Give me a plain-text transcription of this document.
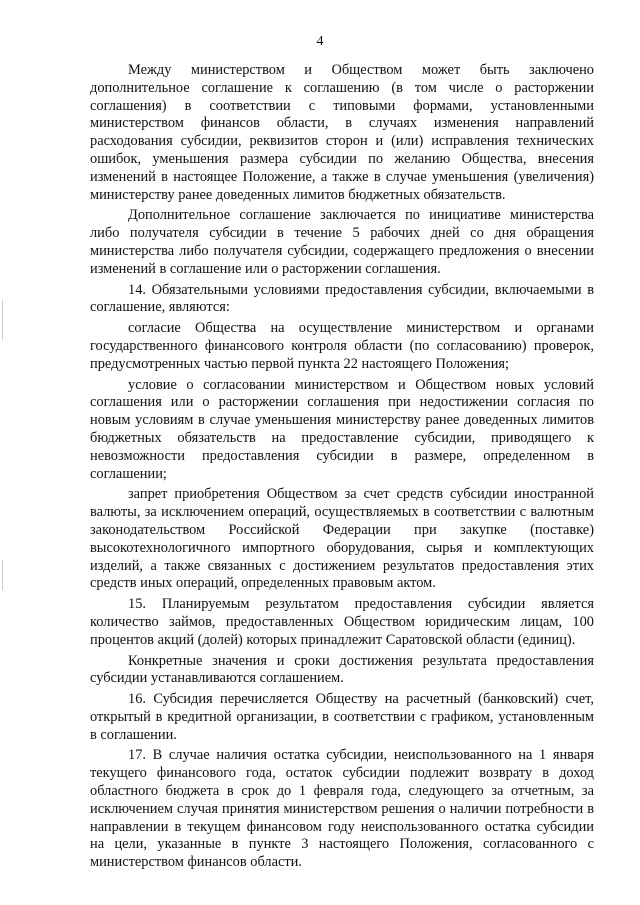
4

Между министерством и Обществом может быть заключено дополнительное соглашение к соглашению (в том числе о расторжении соглашения) в соответствии с типовыми формами, установленными министерством финансов области, в случаях изменения направлений расходования субсидии, реквизитов сторон и (или) исправления технических ошибок, уменьшения размера субсидии по желанию Общества, внесения изменений в настоящее Положение, а также в случае уменьшения (увеличения) министерству ранее доведенных лимитов бюджетных обязательств.

Дополнительное соглашение заключается по инициативе министерства либо получателя субсидии в течение 5 рабочих дней со дня обращения министерства либо получателя субсидии, содержащего предложения о внесении изменений в соглашение или о расторжении соглашения.

14. Обязательными условиями предоставления субсидии, включаемыми в соглашение, являются:

согласие Общества на осуществление министерством и органами государственного финансового контроля области (по согласованию) проверок, предусмотренных частью первой пункта 22 настоящего Положения;

условие о согласовании министерством и Обществом новых условий соглашения или о расторжении соглашения при недостижении согласия по новым условиям в случае уменьшения министерству ранее доведенных лимитов бюджетных обязательств на предоставление субсидии, приводящего к невозможности предоставления субсидии в размере, определенном в соглашении;

запрет приобретения Обществом за счет средств субсидии иностранной валюты, за исключением операций, осуществляемых в соответствии с валютным законодательством Российской Федерации при закупке (поставке) высокотехнологичного импортного оборудования, сырья и комплектующих изделий, а также связанных с достижением результатов предоставления этих средств иных операций, определенных правовым актом.

15. Планируемым результатом предоставления субсидии является количество займов, предоставленных Обществом юридическим лицам, 100 процентов акций (долей) которых принадлежит Саратовской области (единиц).

Конкретные значения и сроки достижения результата предоставления субсидии устанавливаются соглашением.

16. Субсидия перечисляется Обществу на расчетный (банковский) счет, открытый в кредитной организации, в соответствии с графиком, установленным в соглашении.

17. В случае наличия остатка субсидии, неиспользованного на 1 января текущего финансового года, остаток субсидии подлежит возврату в доход областного бюджета в срок до 1 февраля года, следующего за отчетным, за исключением случая принятия министерством решения о наличии потребности в направлении в текущем финансовом году неиспользованного остатка субсидии на цели, указанные в пункте 3 настоящего Положения, согласованного с министерством финансов области.
